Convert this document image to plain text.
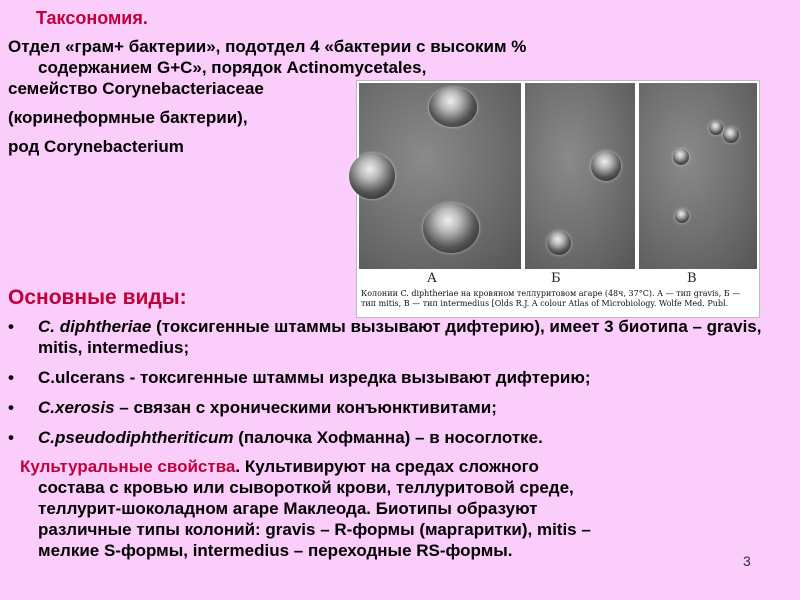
Таксономия.

Отдел «грам+ бактерии», подотдел 4 «бактерии с высоким %

содержанием G+C», порядок Actinomycetales,

семейство Corynebacteriaceae

(коринеформные бактерии),

род Corynebacterium

А	Б	В
Колонии C. diphtheriae на кровяном теллуритовом агаре (48ч, 37°C). А — тип gravis, Б —
тип mitis, В — тип intermedius [Olds R.J. A colour Atlas of Microbiology. Wolfe Med. Publ.
Основные виды:
• C. diphtheriae (токсигенные штаммы вызывают дифтерию), имеет 3 биотипа – gravis, mitis, intermedius;
• C.ulcerans - токсигенные штаммы изредка вызывают дифтерию;
• C.xerosis – связан с хроническими конъюнктивитами;
• C.pseudodiphtheriticum (палочка Хофманна) – в носоглотке.
Культуральные свойства. Культивируют на средах сложного
состава с кровью или сывороткой крови, теллуритовой среде,
теллурит-шоколадном агаре Маклеода. Биотипы образуют
различные типы колоний: gravis – R-формы (маргаритки), mitis –
мелкие S-формы, intermedius – переходные RS-формы.
3
